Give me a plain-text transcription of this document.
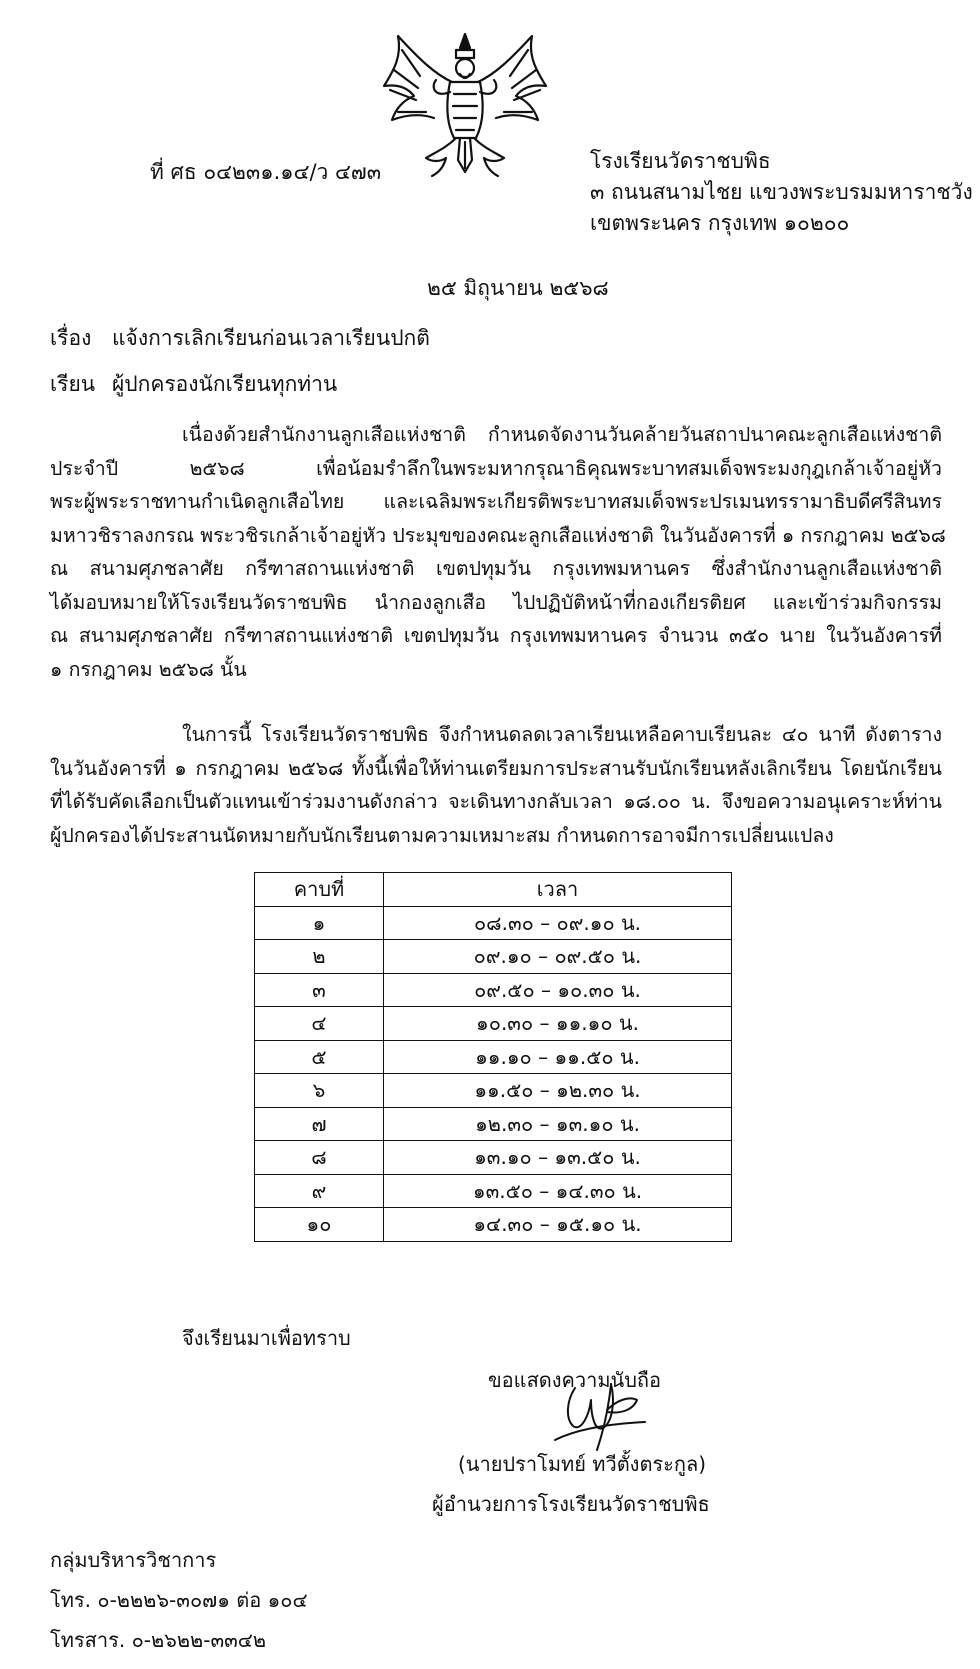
ที่ ศธ ๐๔๒๓๑.๑๔/ว ๔๗๓	โรงเรียนวัดราชบพิธ
๓ ถนนสนามไชย แขวงพระบรมมหาราชวัง
เขตพระนคร กรุงเทพ ๑๐๒๐๐
๒๕ มิถุนายน ๒๕๖๘
เรื่อง แจ้งการเลิกเรียนก่อนเวลาเรียนปกติ
เรียน ผู้ปกครองนักเรียนทุกท่าน
เนื่องด้วยสำนักงานลูกเสือแห่งชาติ กำหนดจัดงานวันคล้ายวันสถาปนาคณะลูกเสือแห่งชาติ
ประจำปี ๒๕๖๘ เพื่อน้อมรำลึกในพระมหากรุณาธิคุณพระบาทสมเด็จพระมงกุฎเกล้าเจ้าอยู่หัว
พระผู้พระราชทานกำเนิดลูกเสือไทย และเฉลิมพระเกียรติพระบาทสมเด็จพระปรเมนทรรามาธิบดีศรีสินทร
มหาวชิราลงกรณ พระวชิรเกล้าเจ้าอยู่หัว ประมุขของคณะลูกเสือแห่งชาติ ในวันอังคารที่ ๑ กรกฎาคม ๒๕๖๘
ณ สนามศุภชลาศัย กรีฑาสถานแห่งชาติ เขตปทุมวัน กรุงเทพมหานคร ซึ่งสำนักงานลูกเสือแห่งชาติ
ได้มอบหมายให้โรงเรียนวัดราชบพิธ นำกองลูกเสือ ไปปฏิบัติหน้าที่กองเกียรติยศ และเข้าร่วมกิจกรรม
ณ สนามศุภชลาศัย กรีฑาสถานแห่งชาติ เขตปทุมวัน กรุงเทพมหานคร จำนวน ๓๕๐ นาย ในวันอังคารที่
๑ กรกฎาคม ๒๕๖๘ นั้น
ในการนี้ โรงเรียนวัดราชบพิธ จึงกำหนดลดเวลาเรียนเหลือคาบเรียนละ ๔๐ นาที ดังตาราง
ในวันอังคารที่ ๑ กรกฎาคม ๒๕๖๘ ทั้งนี้เพื่อให้ท่านเตรียมการประสานรับนักเรียนหลังเลิกเรียน โดยนักเรียน
ที่ได้รับคัดเลือกเป็นตัวแทนเข้าร่วมงานดังกล่าว จะเดินทางกลับเวลา ๑๘.๐๐ น. จึงขอความอนุเคราะห์ท่าน
ผู้ปกครองได้ประสานนัดหมายกับนักเรียนตามความเหมาะสม กำหนดการอาจมีการเปลี่ยนแปลง
คาบที่	เวลา
๑	๐๘.๓๐ – ๐๙.๑๐ น.
๒	๐๙.๑๐ – ๐๙.๕๐ น.
๓	๐๙.๕๐ – ๑๐.๓๐ น.
๔	๑๐.๓๐ – ๑๑.๑๐ น.
๕	๑๑.๑๐ – ๑๑.๕๐ น.
๖	๑๑.๕๐ – ๑๒.๓๐ น.
๗	๑๒.๓๐ – ๑๓.๑๐ น.
๘	๑๓.๑๐ – ๑๓.๕๐ น.
๙	๑๓.๕๐ – ๑๔.๓๐ น.
๑๐	๑๔.๓๐ – ๑๕.๑๐ น.
จึงเรียนมาเพื่อทราบ
ขอแสดงความนับถือ
(นายปราโมทย์ ทวีตั้งตระกูล)
ผู้อำนวยการโรงเรียนวัดราชบพิธ
กลุ่มบริหารวิชาการ
โทร. ๐-๒๒๒๖-๓๐๗๑ ต่อ ๑๐๔
โทรสาร. ๐-๒๖๒๒-๓๓๔๒
